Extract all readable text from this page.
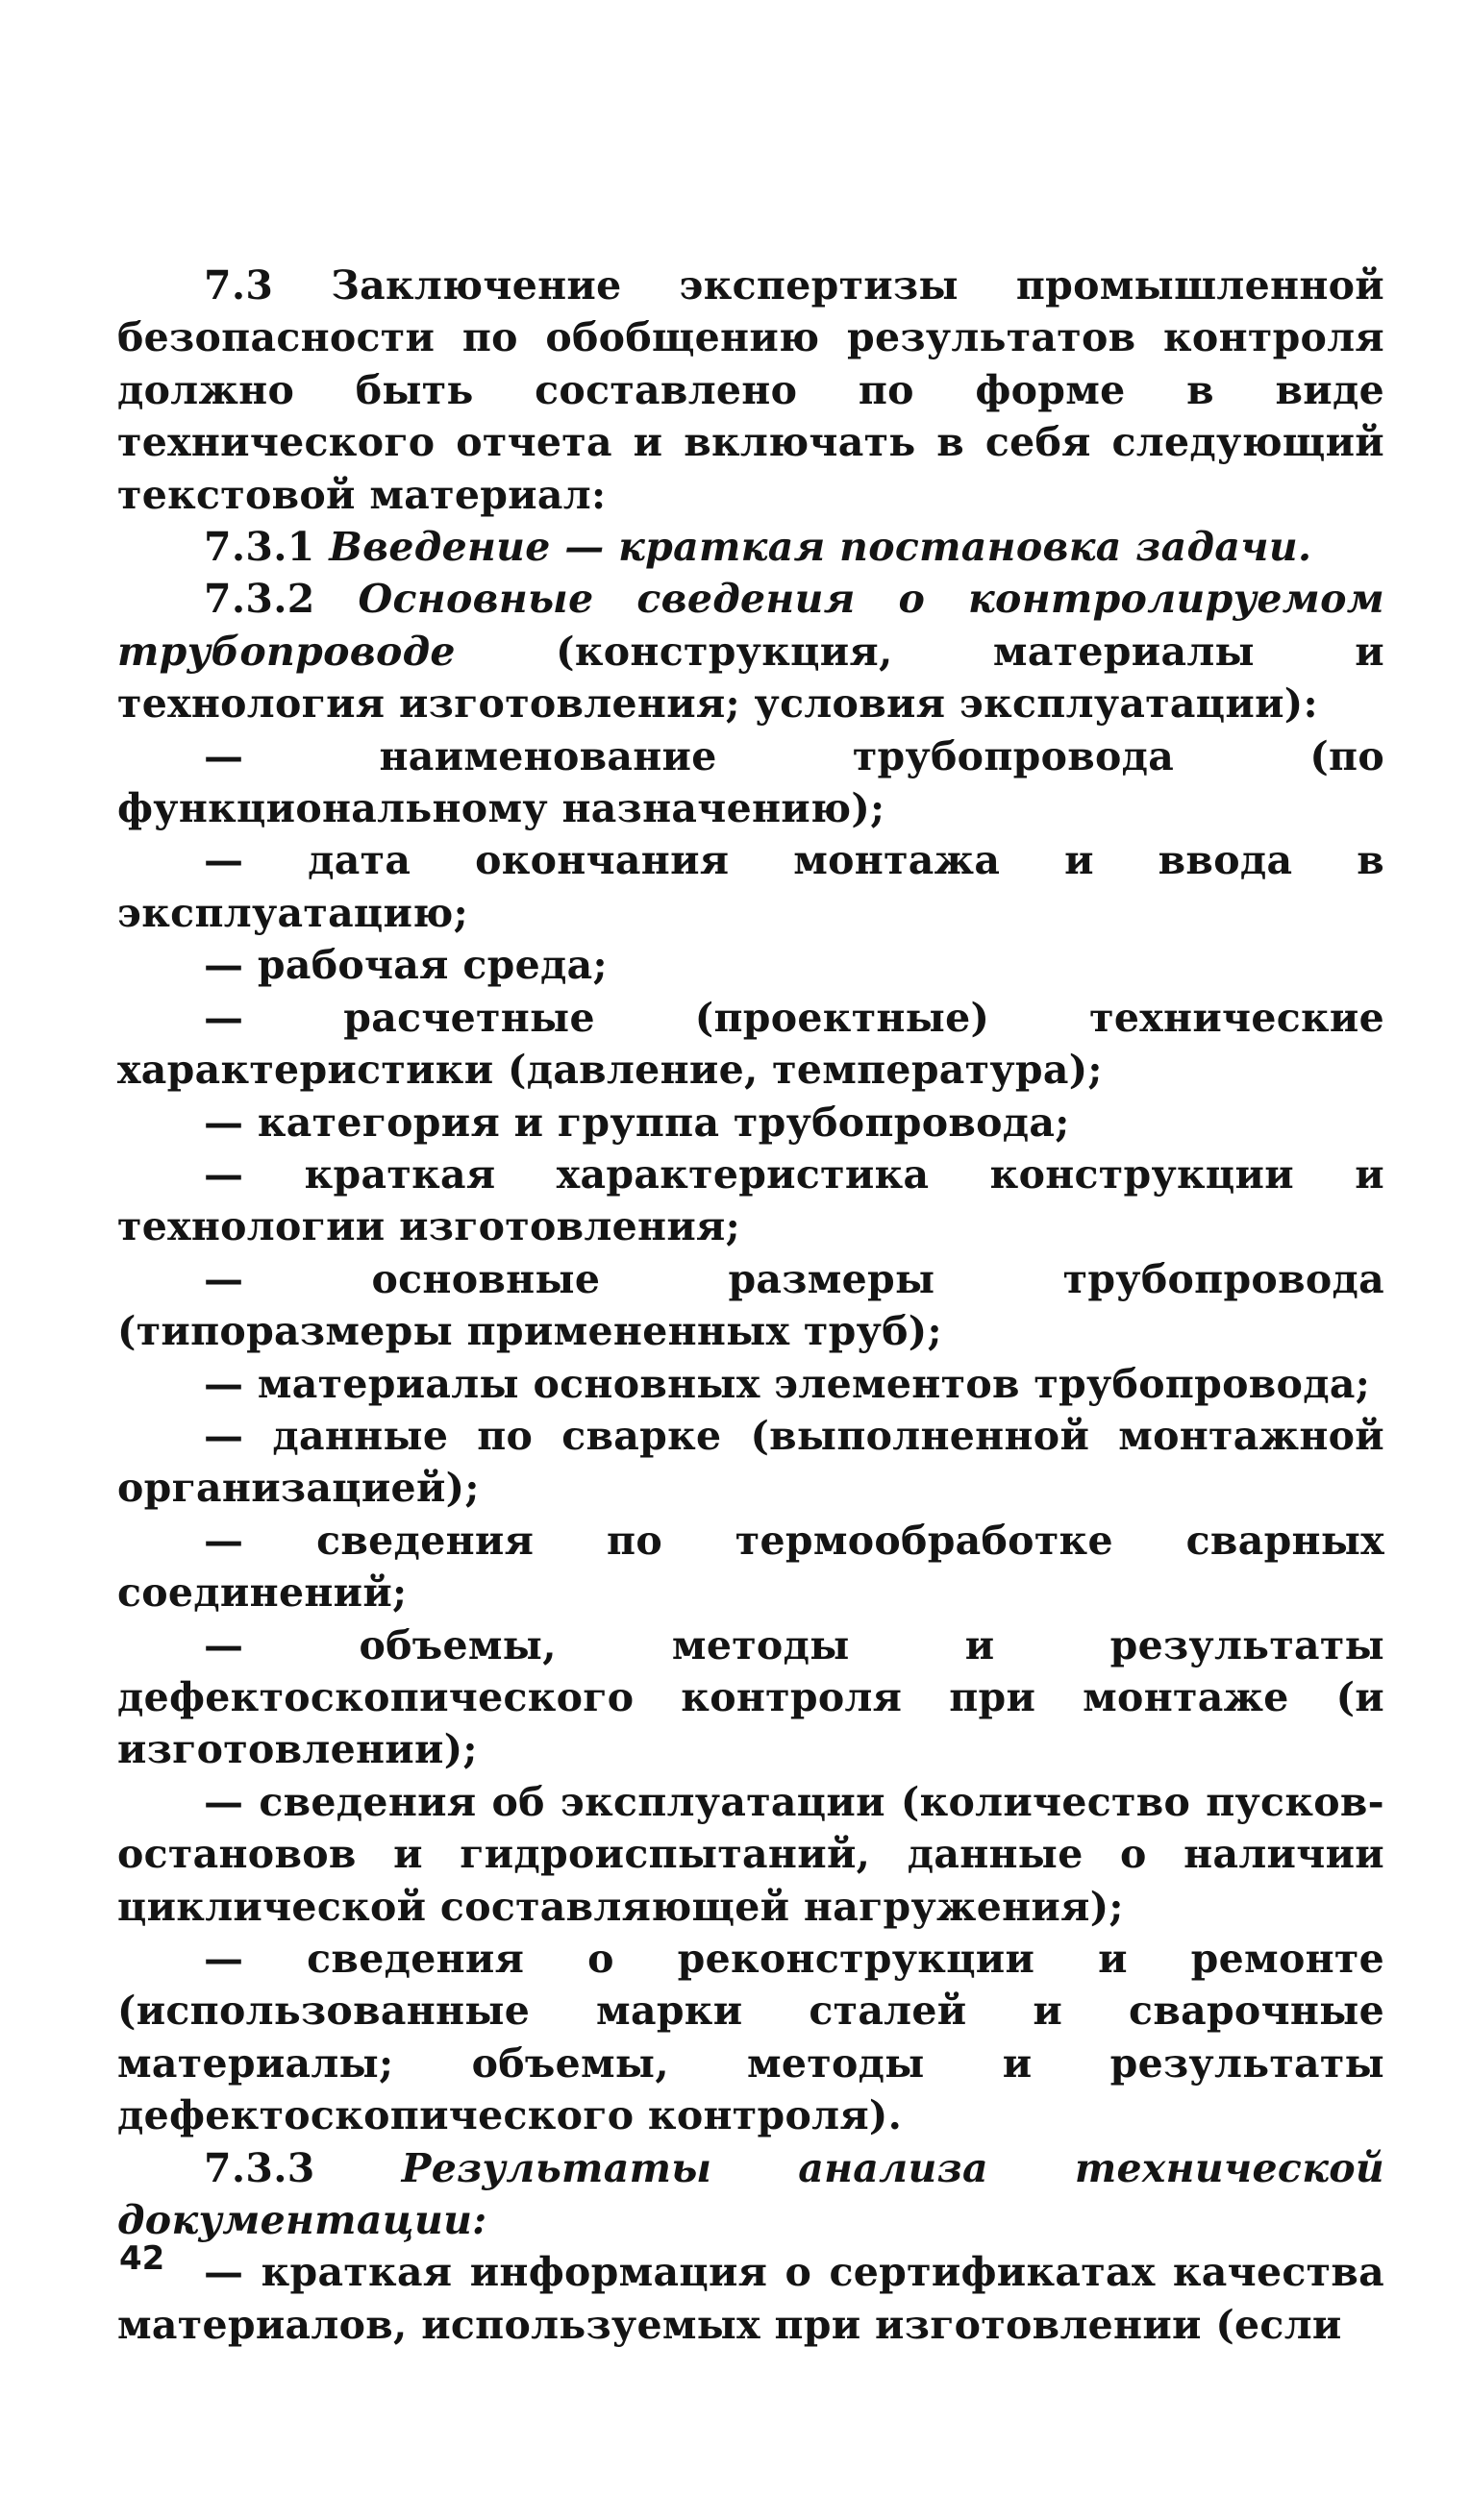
7.3 Заключение экспертизы промышленной безопасности по обобщению результатов контроля должно быть составлено по форме в виде технического отчета и включать в себя следующий текстовой материал:

7.3.1 Введение — краткая постановка задачи.

7.3.2 Основные сведения о контролируемом трубопроводе	(конструкция, материалы и технология изготовления; условия эксплуатации):

— наименование трубопровода (по функциональному назначению);

— дата окончания монтажа и ввода в эксплуатацию;

— рабочая среда;

— расчетные (проектные) технические характеристики (давление, температура);

— категория и группа трубопровода;

— краткая характеристика конструкции и технологии изготовления;

— основные размеры трубопровода (типоразмеры примененных труб);

— материалы основных элементов трубопровода;

— данные по сварке (выполненной монтажной организацией);

— сведения по термообработке сварных соединений;

— объемы, методы и результаты дефектоскопического контроля при монтаже (и изготовлении);

— сведения об эксплуатации (количество пусков-остановов и гидроиспытаний, данные о наличии циклической составляющей нагружения);

— сведения о реконструкции и ремонте (использованные марки сталей и сварочные материалы; объемы, методы и результаты дефектоскопического контроля).

7.3.3 Результаты анализа технической документации:

— краткая информация о сертификатах качества материалов, используемых при изготовлении (если

42
